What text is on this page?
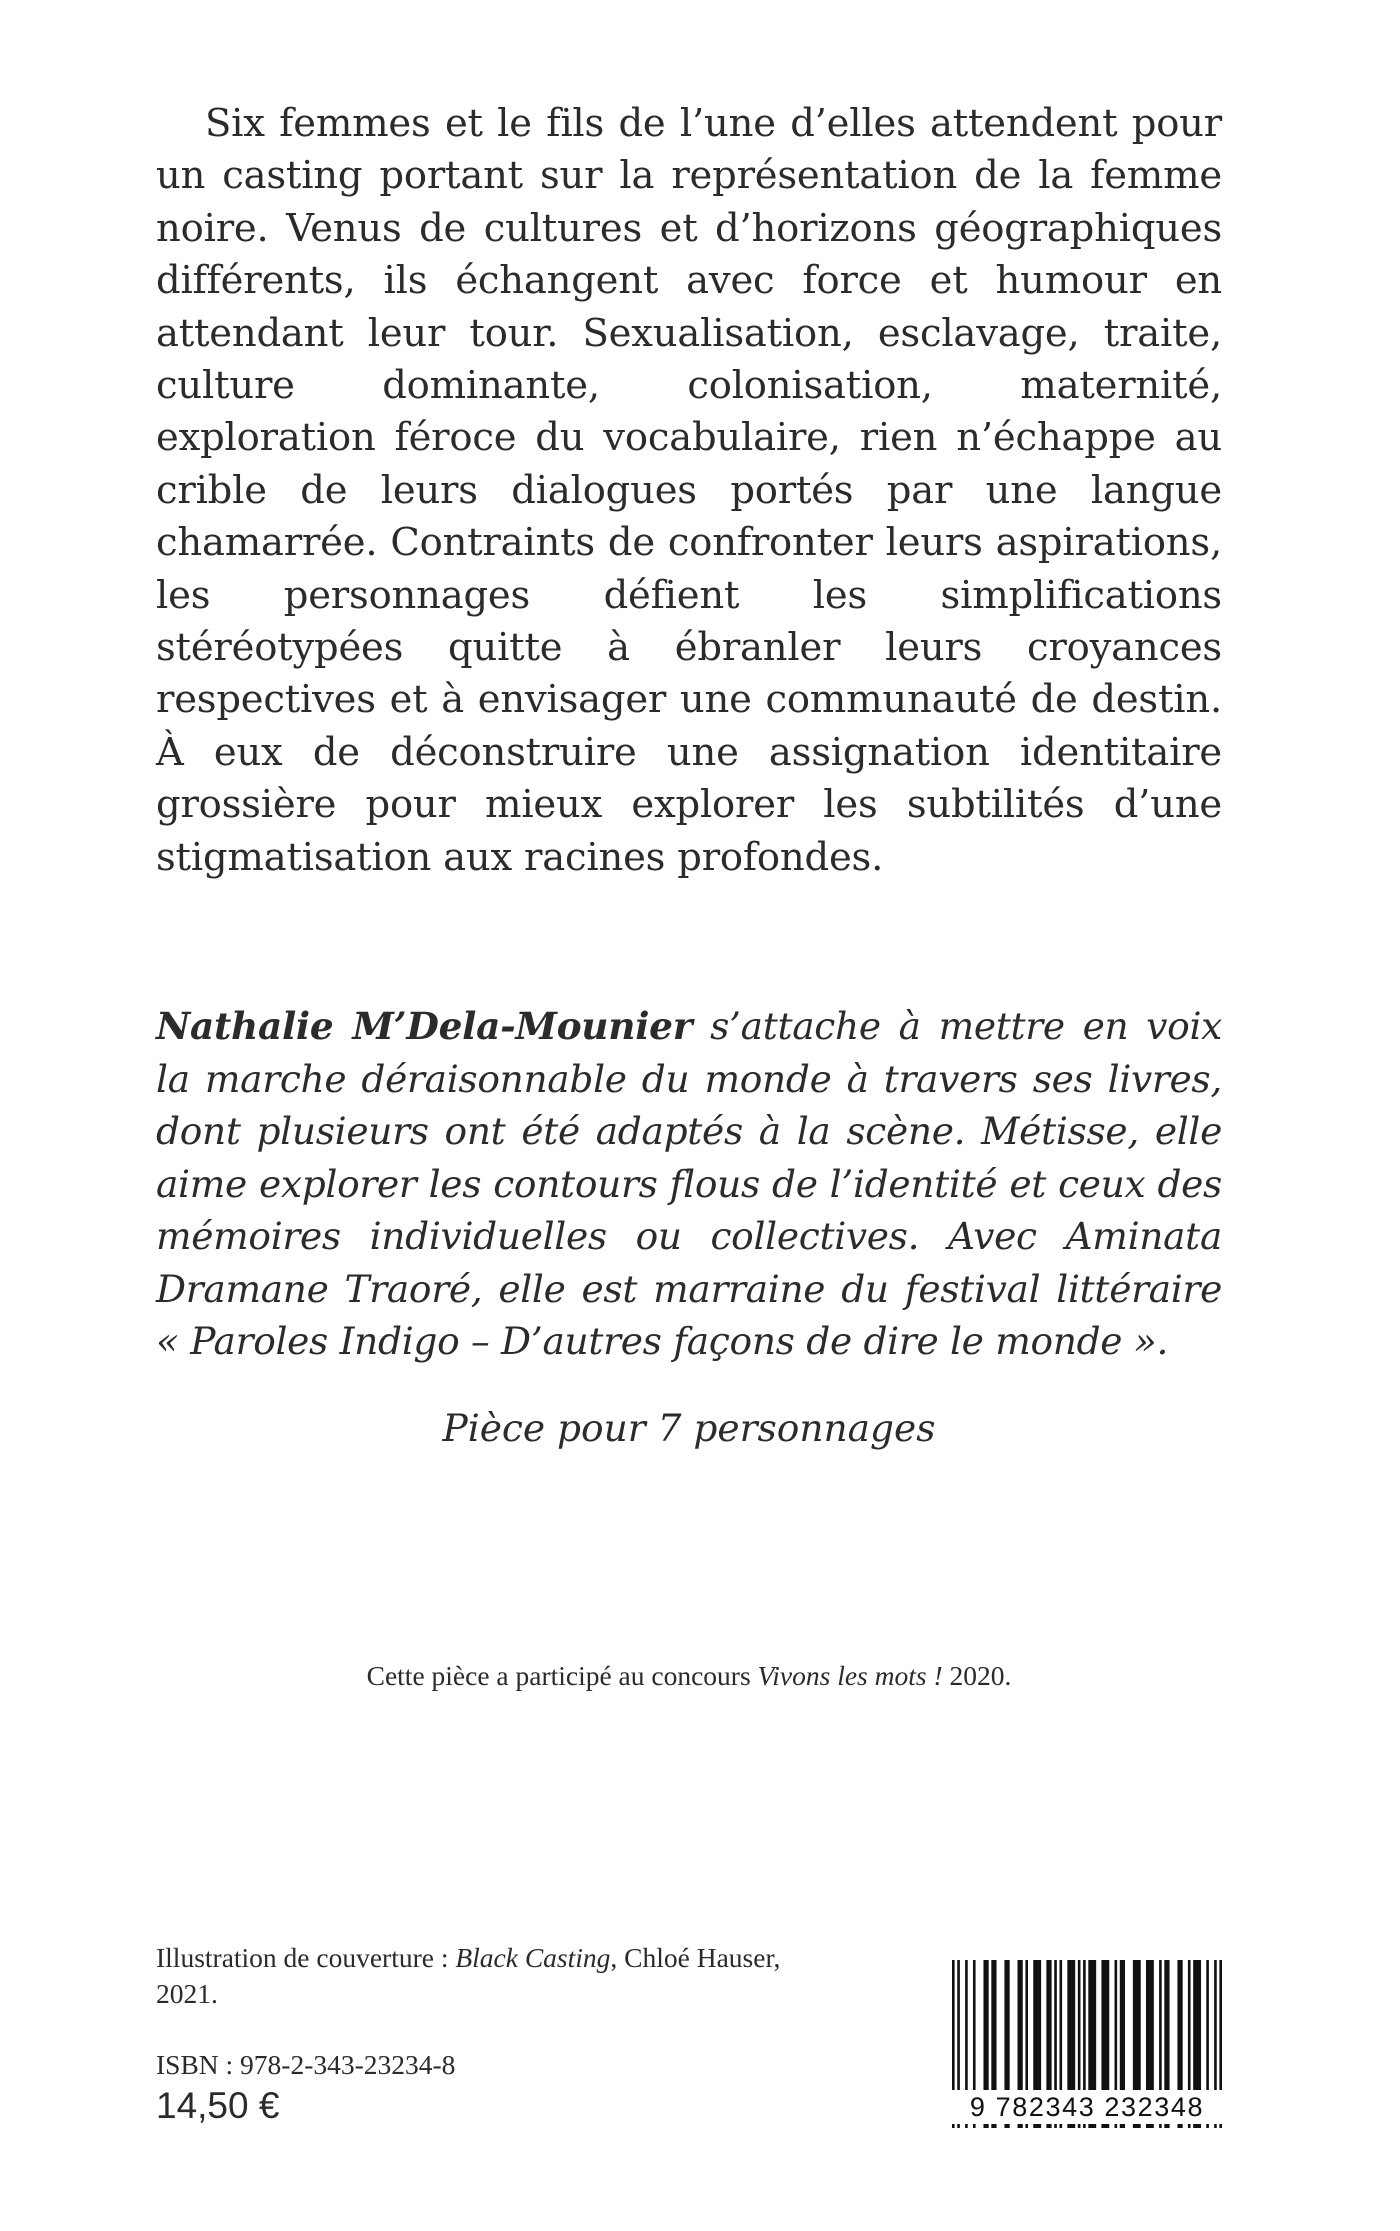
Six femmes et le fils de l’une d’elles attendent pour un casting portant sur la représentation de la femme noire. Venus de cultures et d’horizons géographiques différents, ils échangent avec force et humour en attendant leur tour. Sexualisation, esclavage, traite, culture dominante, colonisation, maternité, exploration féroce du vocabulaire, rien n’échappe au crible de leurs dialogues portés par une langue chamarrée. Contraints de confronter leurs aspirations, les personnages défient les simplifications stéréotypées quitte à ébranler leurs croyances respectives et à envisager une communauté de destin. À eux de déconstruire une assignation identitaire grossière pour mieux explorer les subtilités d’une stigmatisation aux racines profondes.

Nathalie M’Dela-Mounier s’attache à mettre en voix la marche déraisonnable du monde à travers ses livres, dont plusieurs ont été adaptés à la scène. Métisse, elle aime explorer les contours flous de l’identité et ceux des mémoires individuelles ou collectives. Avec Aminata Dramane Traoré, elle est marraine du festival littéraire « Paroles Indigo – D’autres façons de dire le monde ».

Pièce pour 7 personnages
Cette pièce a participé au concours Vivons les mots ! 2020.
Illustration de couverture : Black Casting, Chloé Hauser, 2021.
ISBN : 978-2-343-23234-8
14,50 €	9 782343 232348
